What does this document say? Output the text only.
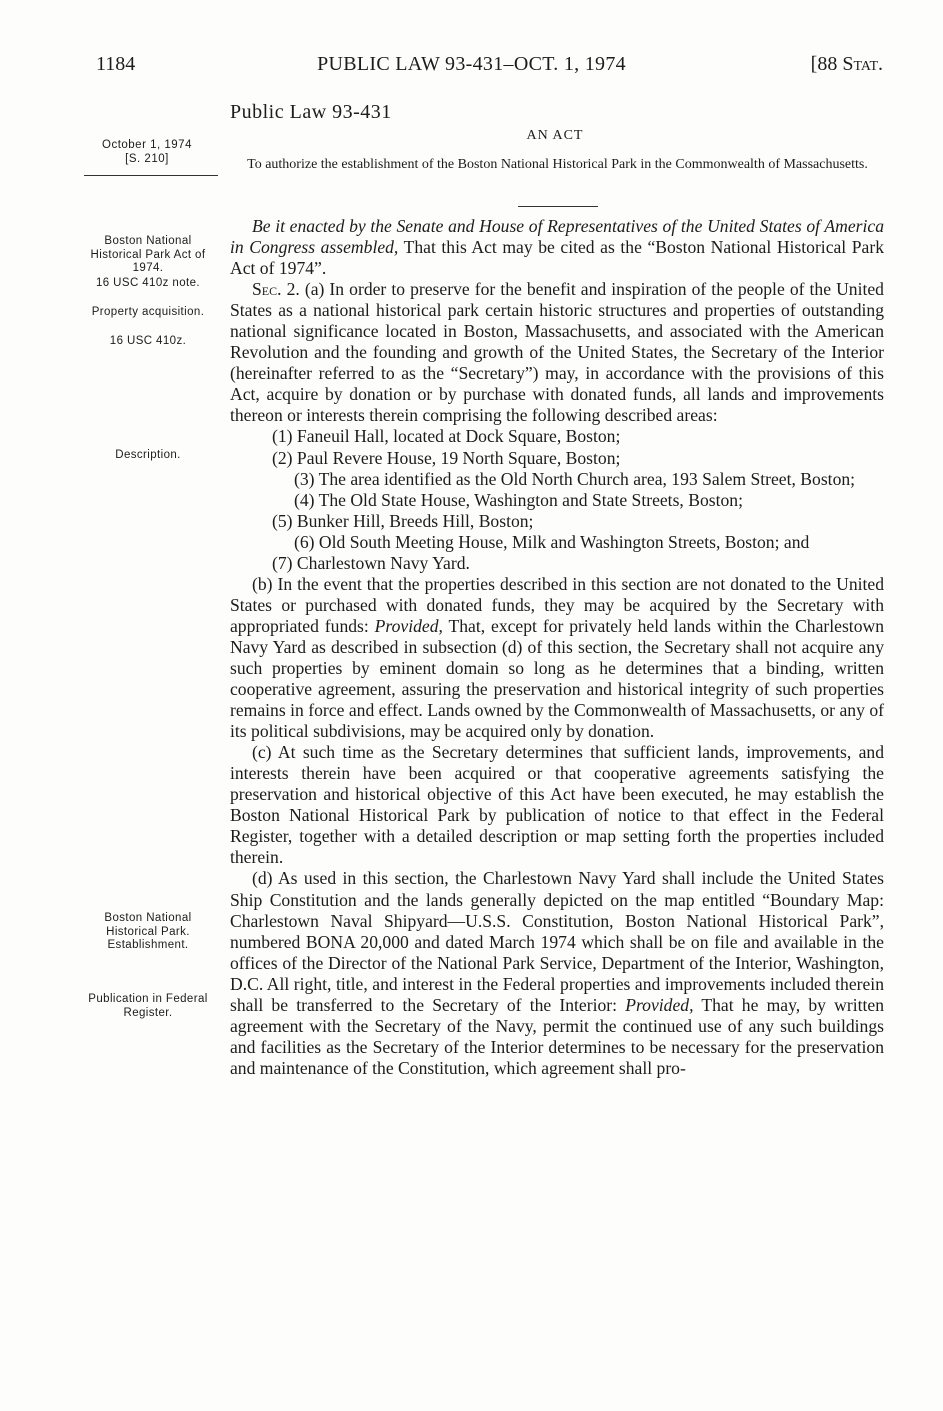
1184	PUBLIC LAW 93-431–OCT. 1, 1974	[88 Stat.
Public Law 93-431
October 1, 1974
[S. 210]
AN ACT
To authorize the establishment of the Boston National Historical Park in the Commonwealth of Massachusetts.
Boston National Historical Park Act of 1974.
16 USC 410z note.
Property acquisition.
16 USC 410z.
Description.
Boston National Historical Park. Establishment.
Publication in Federal Register.

Be it enacted by the Senate and House of Representatives of the United States of America in Congress assembled, That this Act may be cited as the “Boston National Historical Park Act of 1974”.

Sec. 2. (a) In order to preserve for the benefit and inspiration of the people of the United States as a national historical park certain historic structures and properties of outstanding national significance located in Boston, Massachusetts, and associated with the American Revolution and the founding and growth of the United States, the Secretary of the Interior (hereinafter referred to as the “Secretary”) may, in accordance with the provisions of this Act, acquire by donation or by purchase with donated funds, all lands and improvements thereon or interests therein comprising the following described areas:

(1) Faneuil Hall, located at Dock Square, Boston;

(2) Paul Revere House, 19 North Square, Boston;

(3) The area identified as the Old North Church area, 193 Salem Street, Boston;

(4) The Old State House, Washington and State Streets, Boston;

(5) Bunker Hill, Breeds Hill, Boston;

(6) Old South Meeting House, Milk and Washington Streets, Boston; and

(7) Charlestown Navy Yard.

(b) In the event that the properties described in this section are not donated to the United States or purchased with donated funds, they may be acquired by the Secretary with appropriated funds: Provided, That, except for privately held lands within the Charlestown Navy Yard as described in subsection (d) of this section, the Secretary shall not acquire any such properties by eminent domain so long as he determines that a binding, written cooperative agreement, assuring the preservation and historical integrity of such properties remains in force and effect. Lands owned by the Commonwealth of Massachusetts, or any of its political subdivisions, may be acquired only by donation.

(c) At such time as the Secretary determines that sufficient lands, improvements, and interests therein have been acquired or that cooperative agreements satisfying the preservation and historical objective of this Act have been executed, he may establish the Boston National Historical Park by publication of notice to that effect in the Federal Register, together with a detailed description or map setting forth the properties included therein.

(d) As used in this section, the Charlestown Navy Yard shall include the United States Ship Constitution and the lands generally depicted on the map entitled “Boundary Map: Charlestown Naval Shipyard—U.S.S. Constitution, Boston National Historical Park”, numbered BONA 20,000 and dated March 1974 which shall be on file and available in the offices of the Director of the National Park Service, Department of the Interior, Washington, D.C. All right, title, and interest in the Federal properties and improvements included therein shall be transferred to the Secretary of the Interior: Provided, That he may, by written agreement with the Secretary of the Navy, permit the continued use of any such buildings and facilities as the Secretary of the Interior determines to be necessary for the preservation and maintenance of the Constitution, which agreement shall pro-
